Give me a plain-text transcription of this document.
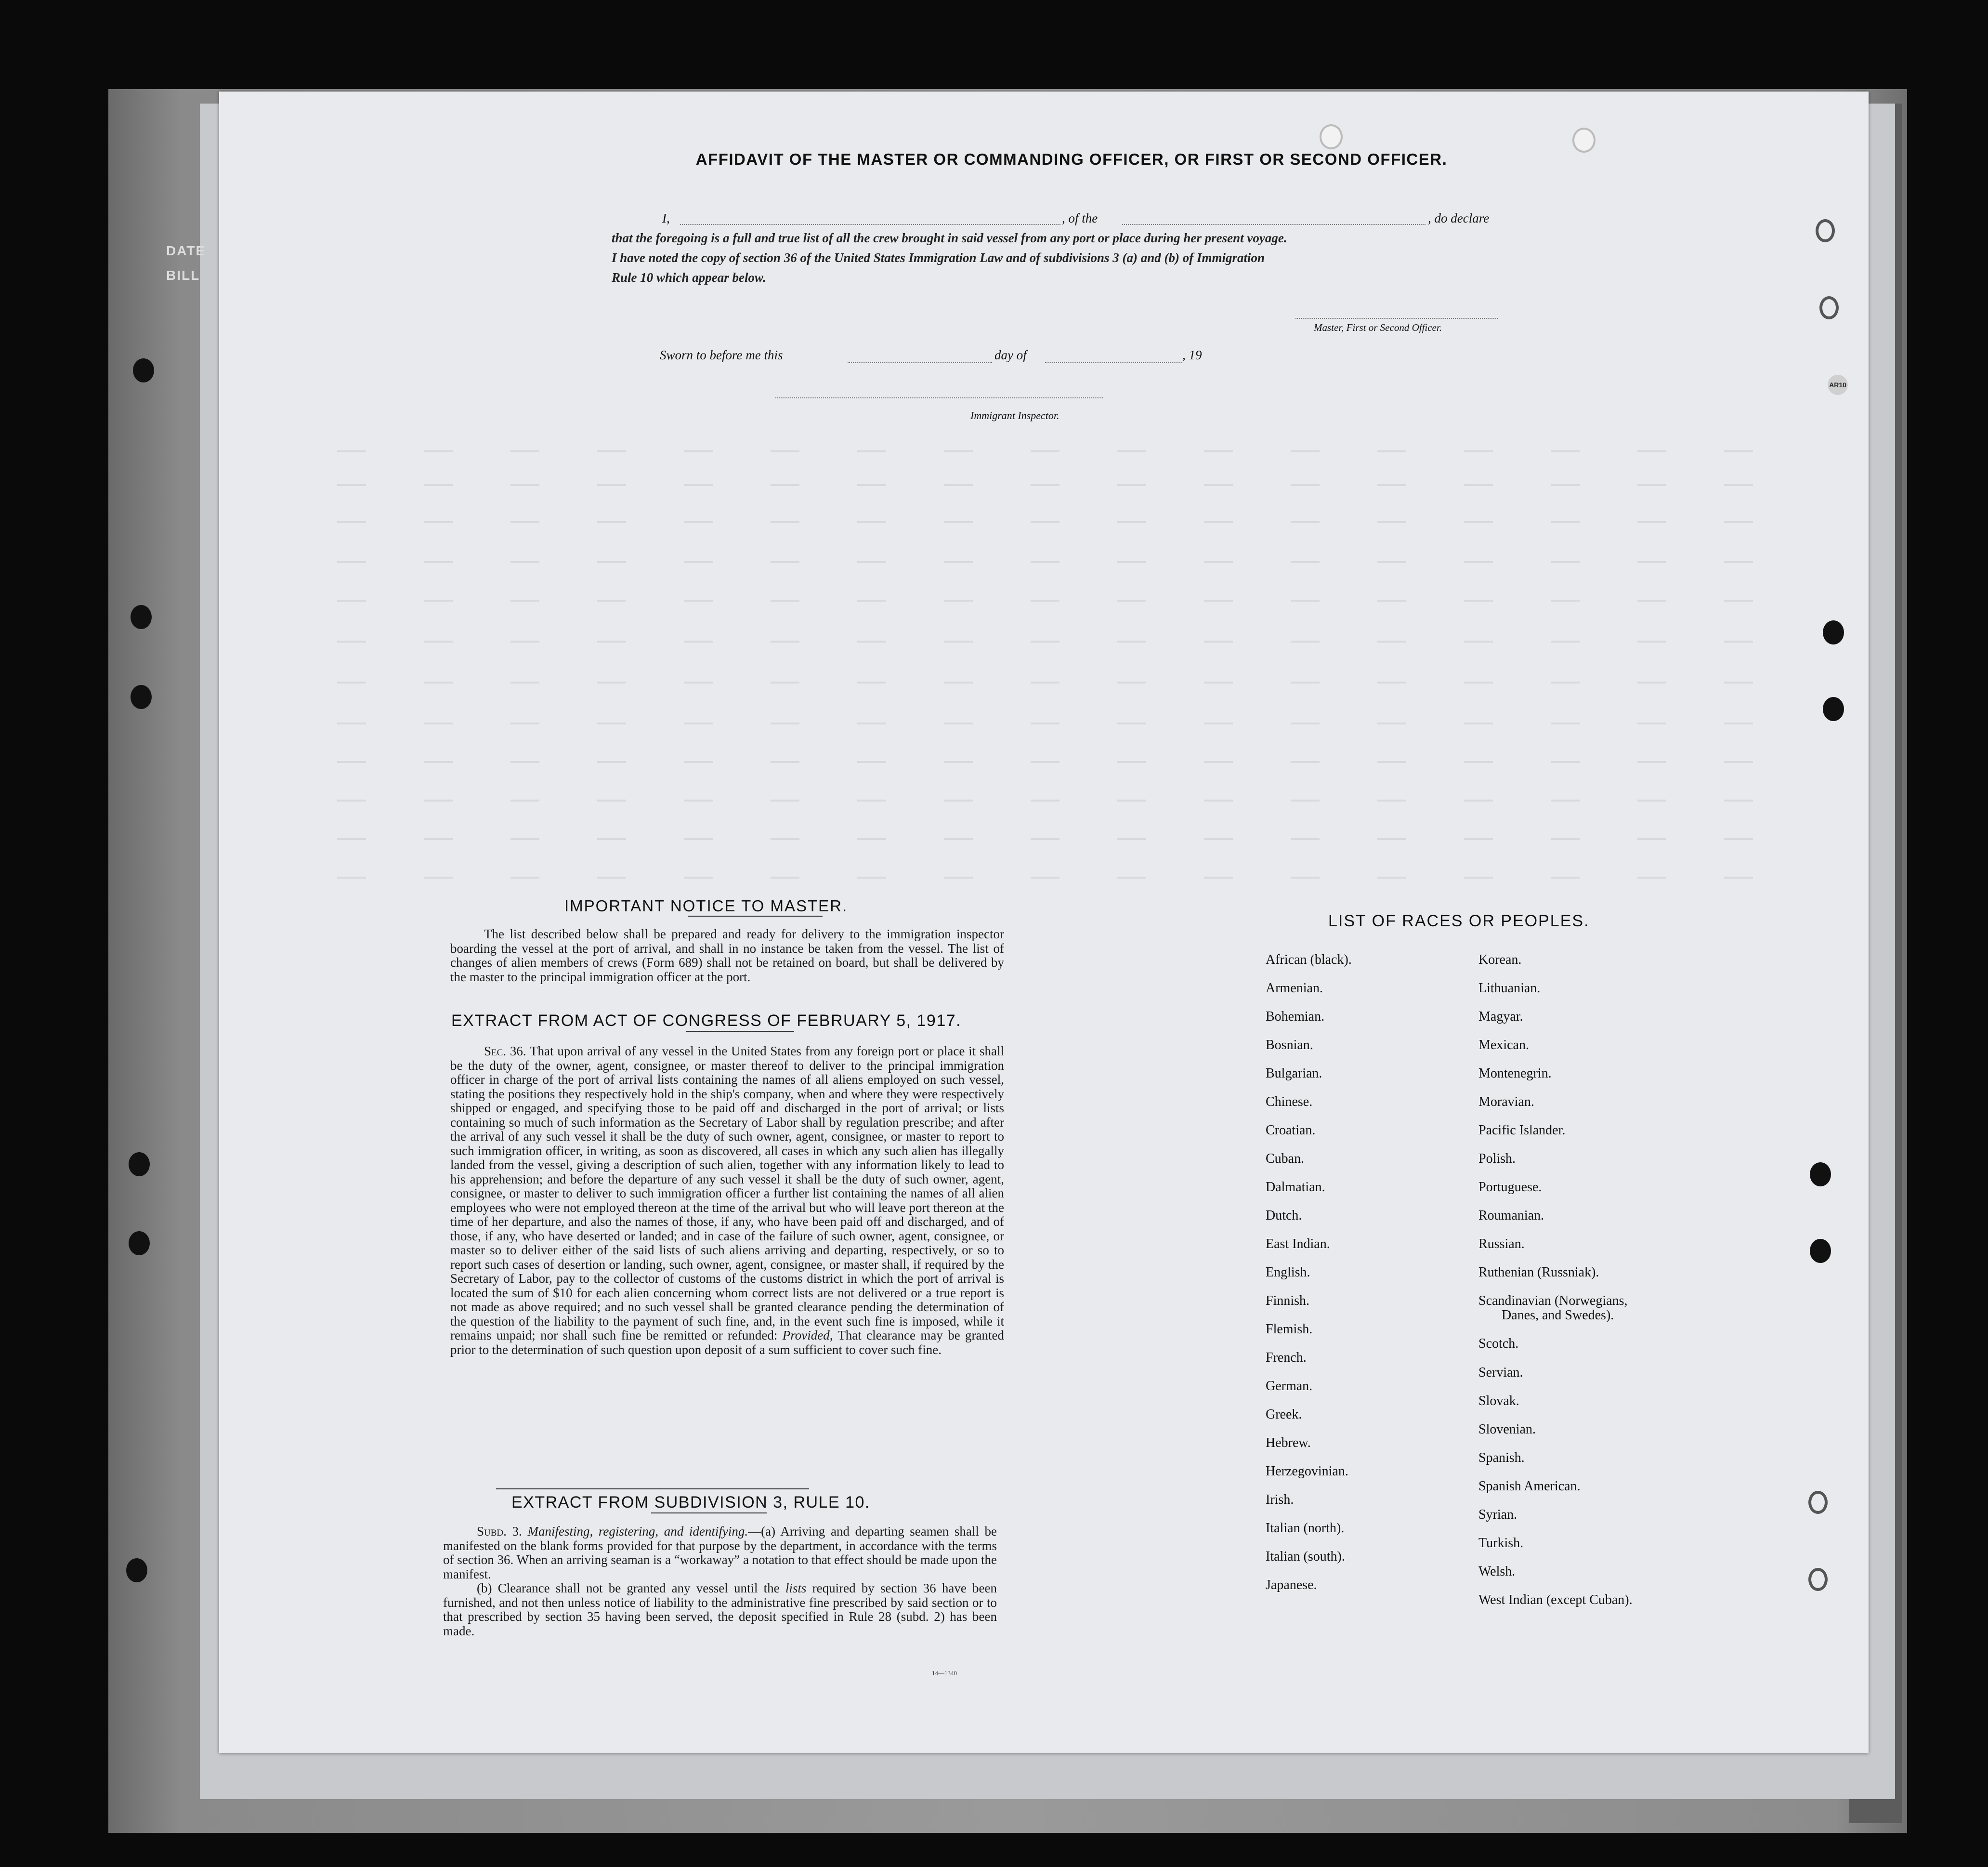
DATE
BILL
AR10
AFFIDAVIT OF THE MASTER OR COMMANDING OFFICER, OR FIRST OR SECOND OFFICER.
I,	, of the	, do declare
that the foregoing is a full and true list of all the crew brought in said vessel from any port or place during her present voyage.
I have noted the copy of section 36 of the United States Immigration Law and of subdivisions 3 (a) and (b) of Immigration
Rule 10 which appear below.
Master, First or Second Officer.
Sworn to before me this	day of	, 19
Immigrant Inspector.
IMPORTANT NOTICE TO MASTER.

The list described below shall be prepared and ready for delivery to the immigration inspector boarding the vessel at the port of arrival, and shall in no instance be taken from the vessel. The list of changes of alien members of crews (Form 689) shall not be retained on board, but shall be delivered by the master to the principal immigration officer at the port.

EXTRACT FROM ACT OF CONGRESS OF FEBRUARY 5, 1917.

Sec. 36. That upon arrival of any vessel in the United States from any foreign port or place it shall be the duty of the owner, agent, consignee, or master thereof to deliver to the principal immigration officer in charge of the port of arrival lists containing the names of all aliens employed on such vessel, stating the positions they respectively hold in the ship's company, when and where they were respectively shipped or engaged, and specifying those to be paid off and discharged in the port of arrival; or lists containing so much of such information as the Secretary of Labor shall by regulation prescribe; and after the arrival of any such vessel it shall be the duty of such owner, agent, consignee, or master to report to such immigration officer, in writing, as soon as discovered, all cases in which any such alien has illegally landed from the vessel, giving a description of such alien, together with any information likely to lead to his apprehension; and before the departure of any such vessel it shall be the duty of such owner, agent, consignee, or master to deliver to such immigration officer a further list containing the names of all alien employees who were not employed thereon at the time of the arrival but who will leave port thereon at the time of her departure, and also the names of those, if any, who have been paid off and discharged, and of those, if any, who have deserted or landed; and in case of the failure of such owner, agent, consignee, or master so to deliver either of the said lists of such aliens arriving and departing, respectively, or so to report such cases of desertion or landing, such owner, agent, consignee, or master shall, if required by the Secretary of Labor, pay to the collector of customs of the customs district in which the port of arrival is located the sum of $10 for each alien concerning whom correct lists are not delivered or a true report is not made as above required; and no such vessel shall be granted clearance pending the determination of the question of the liability to the payment of such fine, and, in the event such fine is imposed, while it remains unpaid; nor shall such fine be remitted or refunded: Provided, That clearance may be granted prior to the determination of such question upon deposit of a sum sufficient to cover such fine.

EXTRACT FROM SUBDIVISION 3, RULE 10.

Subd. 3. Manifesting, registering, and identifying.—(a) Arriving and departing seamen shall be manifested on the blank forms provided for that purpose by the department, in accordance with the terms of section 36. When an arriving seaman is a “workaway” a notation to that effect should be made upon the manifest.

(b) Clearance shall not be granted any vessel until the lists required by section 36 have been furnished, and not then unless notice of liability to the administrative fine prescribed by said section or to that prescribed by section 35 having been served, the deposit specified in Rule 28 (subd. 2) has been made.

14—1340
LIST OF RACES OR PEOPLES.
African (black).
Armenian.
Bohemian.
Bosnian.
Bulgarian.
Chinese.
Croatian.
Cuban.
Dalmatian.
Dutch.
East Indian.
English.
Finnish.
Flemish.
French.
German.
Greek.
Hebrew.
Herzegovinian.
Irish.
Italian (north).
Italian (south).
Japanese.
Korean.
Lithuanian.
Magyar.
Mexican.
Montenegrin.
Moravian.
Pacific Islander.
Polish.
Portuguese.
Roumanian.
Russian.
Ruthenian (Russniak).
Scandinavian (Norwegians,
Danes, and Swedes).
Scotch.
Servian.
Slovak.
Slovenian.
Spanish.
Spanish American.
Syrian.
Turkish.
Welsh.
West Indian (except Cuban).
